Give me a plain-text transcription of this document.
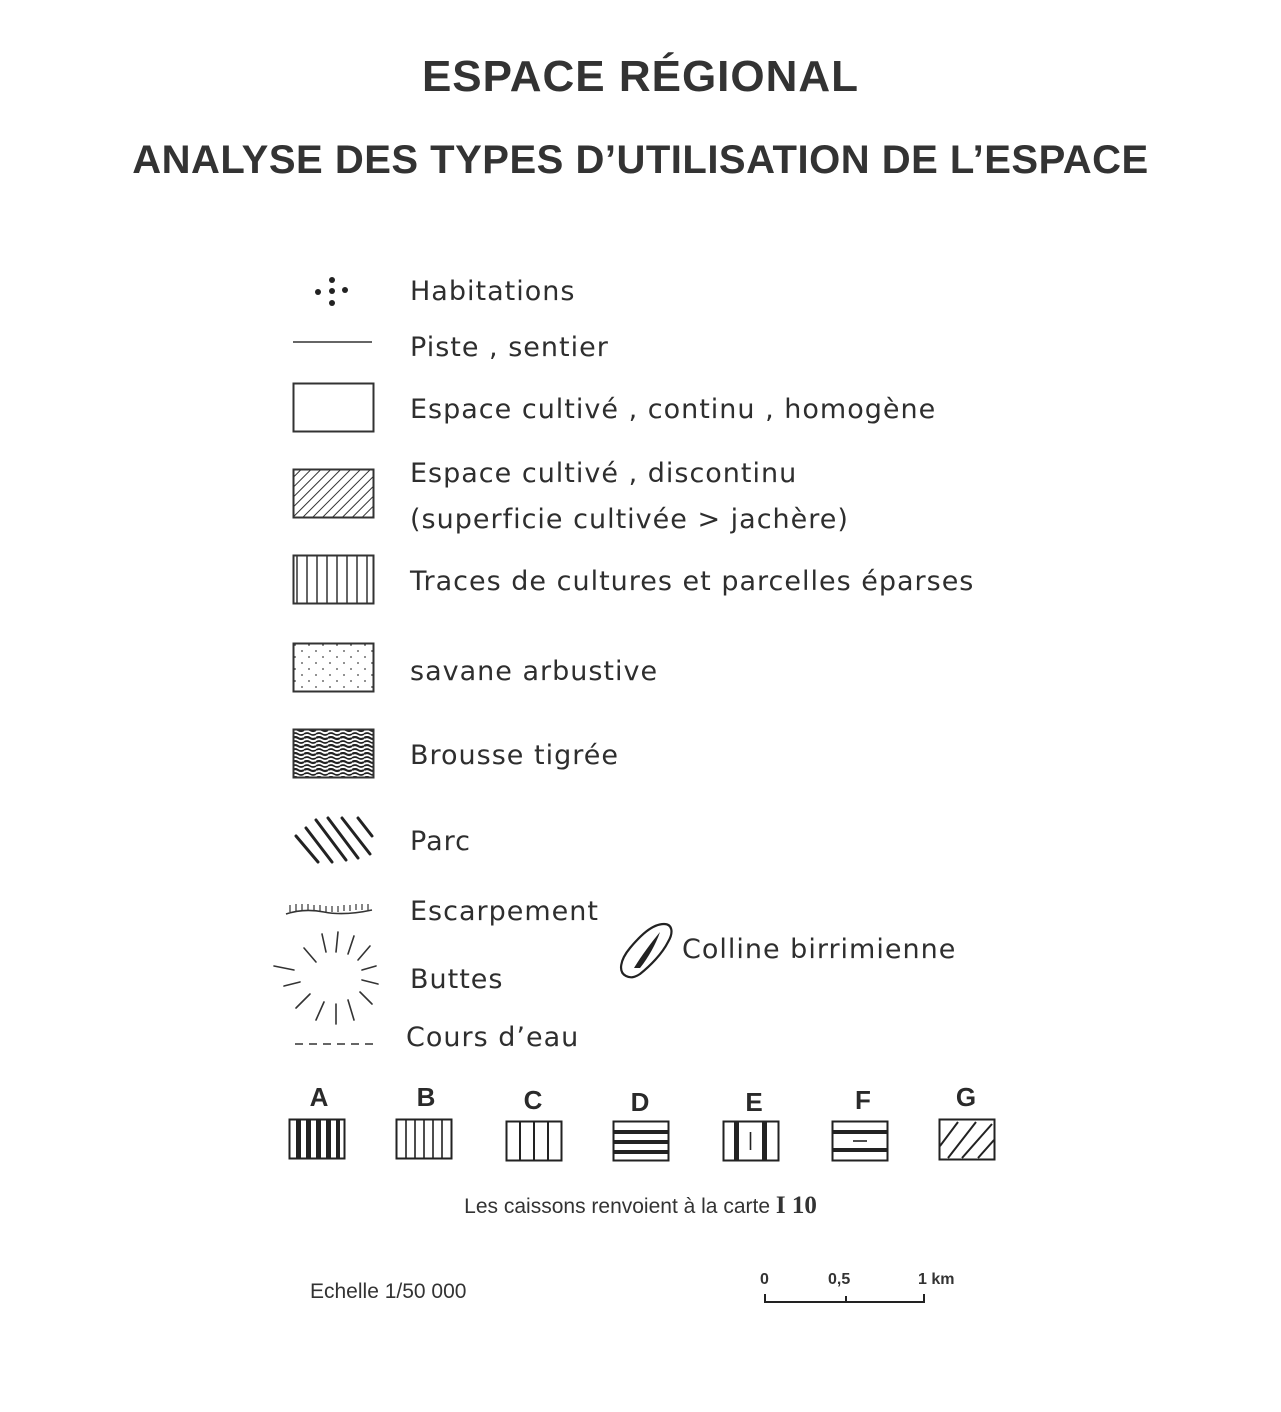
ESPACE RÉGIONAL
ANALYSE DES TYPES D’UTILISATION DE L’ESPACE
Habitations
Piste , sentier
Espace cultivé , continu , homogène
Espace cultivé , discontinu
(superficie cultivée > jachère)
Traces de cultures et parcelles éparses
savane arbustive
Brousse tigrée
Parc
Escarpement
Buttes
Cours d’eau
Colline birrimienne
A	B	C	D	E	F	G
Les caissons renvoient à la carte I 10
Echelle 1/50 000
0	0,5	1 km
